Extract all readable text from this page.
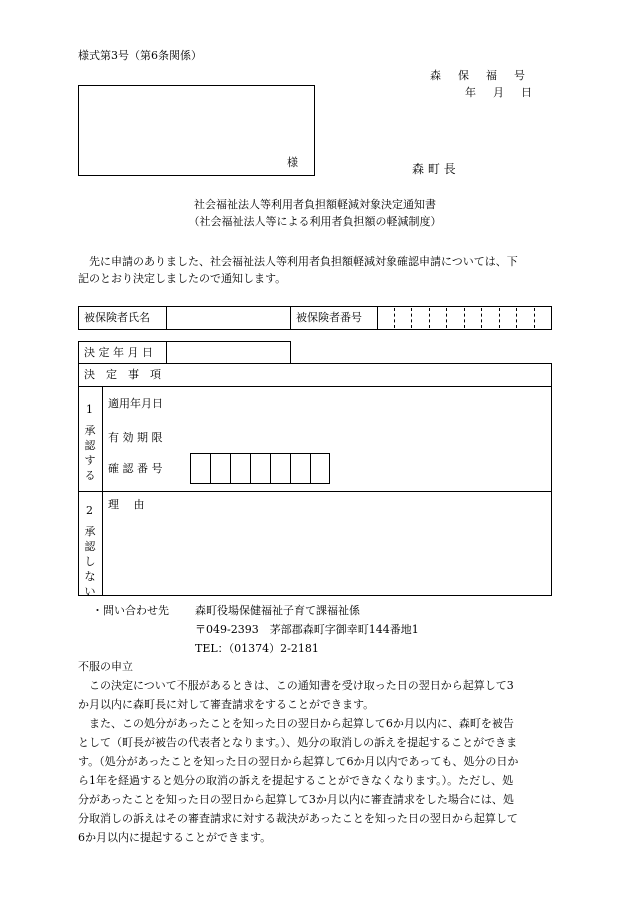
様式第3号（第6条関係）
森　保　福　号
年　月　日
様	森 町 長
社会福祉法人等利用者負担額軽減対象決定通知書
（社会福祉法人等による利用者負担額の軽減制度）
先に申請のありました、社会福祉法人等利用者負担額軽減対象確認申請については、下
記のとおり決定しましたので通知します。
被保険者氏名	被保険者番号
決 定 年 月 日
決　定　事　項
1
承認する
適用年月日
有 効 期 限
確 認 番 号
2
承認しない
理　 由
・問い合わせ先 森町役場保健福祉子育て課福祉係
〒049-2393　茅部郡森町字御幸町144番地1
TEL：（01374）2-2181
不服の申立
　この決定について不服があるときは、この通知書を受け取った日の翌日から起算して3
か月以内に森町長に対して審査請求をすることができます。
　また、この処分があったことを知った日の翌日から起算して6か月以内に、森町を被告
として（町長が被告の代表者となります。）、処分の取消しの訴えを提起することができま
す。（処分があったことを知った日の翌日から起算して6か月以内であっても、処分の日か
ら1年を経過すると処分の取消の訴えを提起することができなくなります。）。ただし、処
分があったことを知った日の翌日から起算して3か月以内に審査請求をした場合には、処
分取消しの訴えはその審査請求に対する裁決があったことを知った日の翌日から起算して
6か月以内に提起することができます。
